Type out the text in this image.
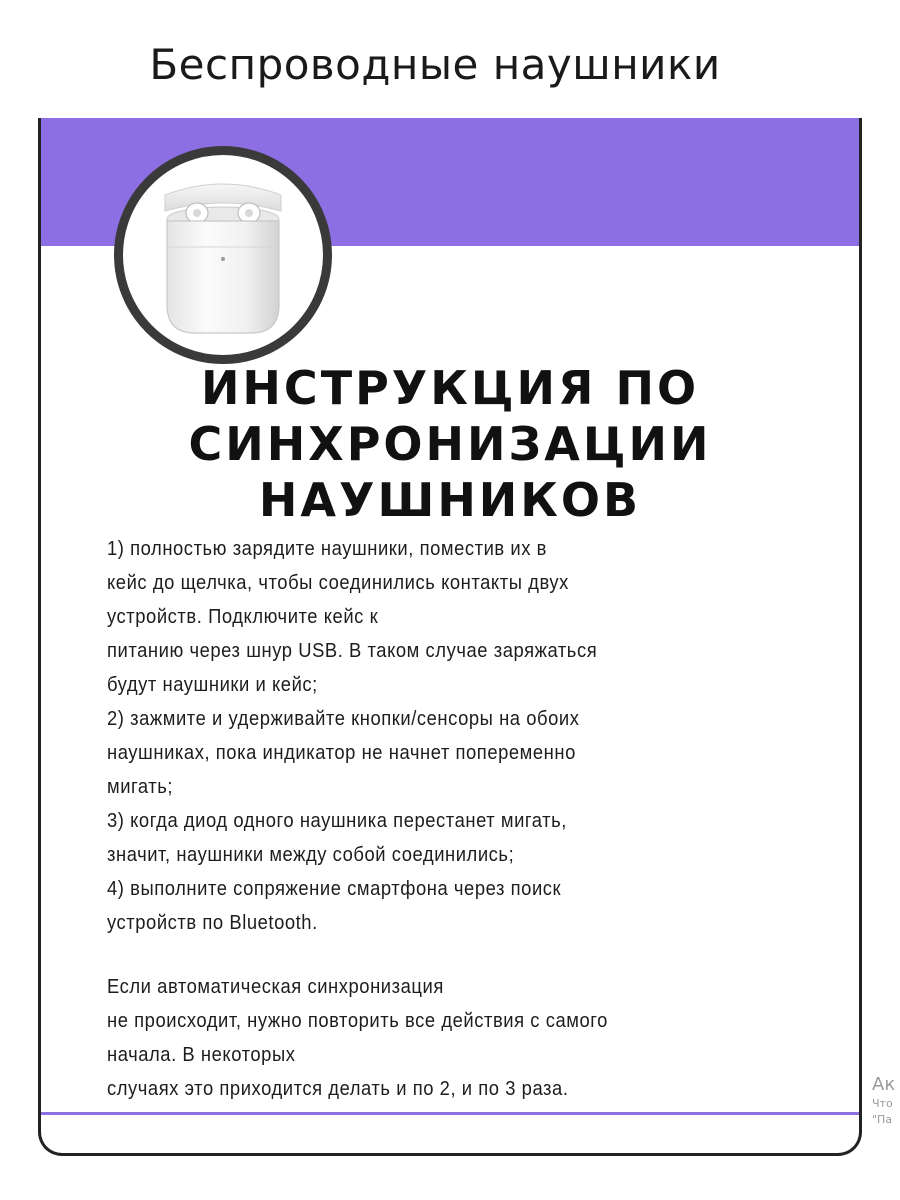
Беспроводные наушники
ИНСТРУКЦИЯ ПО
СИНХРОНИЗАЦИИ
НАУШНИКОВ
1) полностью зарядите наушники, поместив их в
кейс до щелчка, чтобы соединились контакты двух
устройств. Подключите кейс к
питанию через шнур USB. В таком случае заряжаться
будут наушники и кейс;
2) зажмите и удерживайте кнопки/сенсоры на обоих
наушниках, пока индикатор не начнет попеременно
мигать;
3) когда диод одного наушника перестанет мигать,
значит, наушники между собой соединились;
4) выполните сопряжение смартфона через поиск
устройств по Bluetooth.
Если автоматическая синхронизация
не происходит, нужно повторить все действия с самого
начала. В некоторых
случаях это приходится делать и по 2, и по 3 раза.	Ак
Что
"Па
